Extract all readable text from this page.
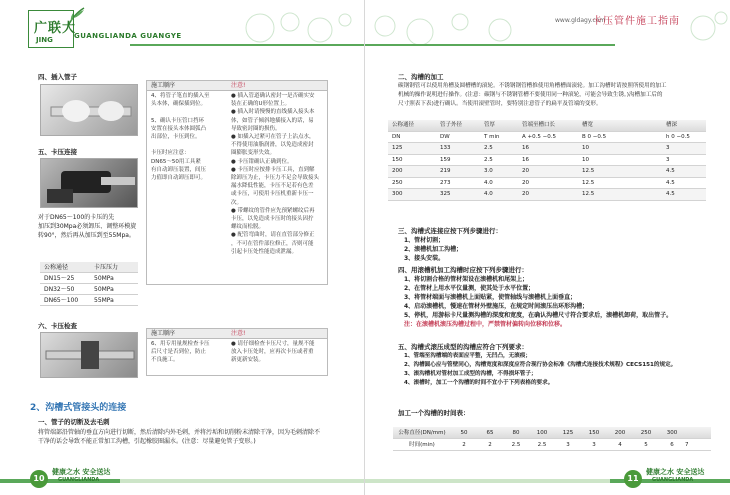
广联大
JING	GUANGLIANDA GUANGYE
四、插入管子
五、卡压连接
对于DN65～100的卡压的先
加压到30Mpa必须卸压、调整环模旋
转90°，然后再从加压到至55Mpa。
公称通径	卡压压力
DN15～25	50MPa
DN32～50	50MPa
DN65～100	55MPa
施工顺序	注意!
4、将管子笔直的插入至
头本体，确保插到位。

5、确认卡压管口挡环
安置在接头本体圆弧凸
出部位，卡压到位。

卡压时应注意：
DN65～50用工具紧
有自动卸压装置，间压
力值即自动卸压即可。
● 插入管道确认密封一是否确实安
装在正确的U形位置上。
● 插入时请慢慢的直线插入接头本
体，如管子倾斜地插接入的话，易
导致密封圈的损伤。
● 如插入过紧可在管子上沾点水，
不得使用油脂润滑，以免造成密封
圈膨胀变形失效。
● 卡压钳确认正确到位。
● 卡压时应按排卡压工具，直到解
除卸压为止，卡压力不足会导致接头
漏水降低性能，卡压不足若有色差
或卡压，可使用卡压机重新卡压一
次。
● 带螺纹的管件应先预紧螺纹后再
卡压，以免造成卡压时的接头因拧
螺纹而松脱。
● 配管弯曲时，请在直管部分修正
，不可在管件部位修正，否则可能
引起卡压处性能造成泄漏。
六、卡压检查
施工顺序	注意!
6、用专用量规检查卡压
后尺寸是否到位，防止
不良施工。
● 请仔细检查卡压尺寸，量规不能
放入卡压处时，应再次卡压或者重
新更新安装。
2、沟槽式管接头的连接
一、管子的切断及去毛刺
将管端部沿管轴的垂直方向进行切断，然后清除内外毛刺，并将污垢和切削粉末清除干净，因为毛刺清除不
干净的话会导致不能正常加工沟槽，引起橡胶圈漏水。(注意：尽量避免管子变形。)
10
健康之水 安全送达
GUANGLIANDA
www.gldagy.com
卡压管件施工指南
二、沟槽的加工
碳钢钢管可以使用角槽及圆槽槽的滚轮。不锈钢钢管槽推使用角槽槽面滚轮。加工沟槽时请按照所使用的加工
机械的操作说明进行操作。(注意：碳钢与不锈钢管槽不要使用同一种滚轮，可能会导致生锈。)沟槽加工后的
尺寸照表下表)进行确认。当使用滚壁管时，要特别注意管子的扁平及管端的变形。
公称通径	管子外径	管厚	管端至槽口长	槽宽	槽深
DN	DW	T min	A +0.5 −0.5	B 0 −0.5	h 0 −0.5
125	133	2.5	16	10	3
150	159	2.5	16	10	3
200	219	3.0	20	12.5	4.5
250	273	4.0	20	12.5	4.5
300	325	4.0	20	12.5	4.5
三、沟槽式连接应按下列步骤进行：
1、管材切割；
2、滚槽机加工沟槽；
3、接头安装。
四、用滚槽机加工沟槽时应按下列步骤进行：
1、将切割合格的管材架设在滚槽机和尾架上；
2、在管材上用水平仪量测，使其处于水平位置；
3、将管材端面与滚槽机上面贴紧，使管轴线与滚槽机上面垂直；
4、启动滚槽机，慢速在管材外壁施压，在规定时间滚压出环形沟槽；
5、停机，用游标卡尺量测沟槽的深度和宽度，在确认沟槽尺寸符合要求后，滚槽机卸荷，取出管子。
注：在滚槽机滚压沟槽过程中，严禁管材偏转向位移和位移。
五、沟槽式滚压成型的沟槽应符合下列要求：
1、管端至沟槽端的表面应平整，无凹凸，无滚痕；
2、沟槽圆心应与管壁同心，沟槽宽度和深度应符合现行协会标准《沟槽式连接技术规程》CECS151的规定。
3、滚沟槽机对管材加工成型的沟槽，不得损坏管子；
4、滚槽时，加工一个沟槽的时间不宜小于下列表格的要求。
加工一个沟槽的时间表：
公称直径(DN/mm)	50	65	80	100	125	150	200	250	300
时间(min)	2	2	2.5	2.5	3	3	4	5	6	7
11
健康之水 安全送达
GUANGLIANDA
